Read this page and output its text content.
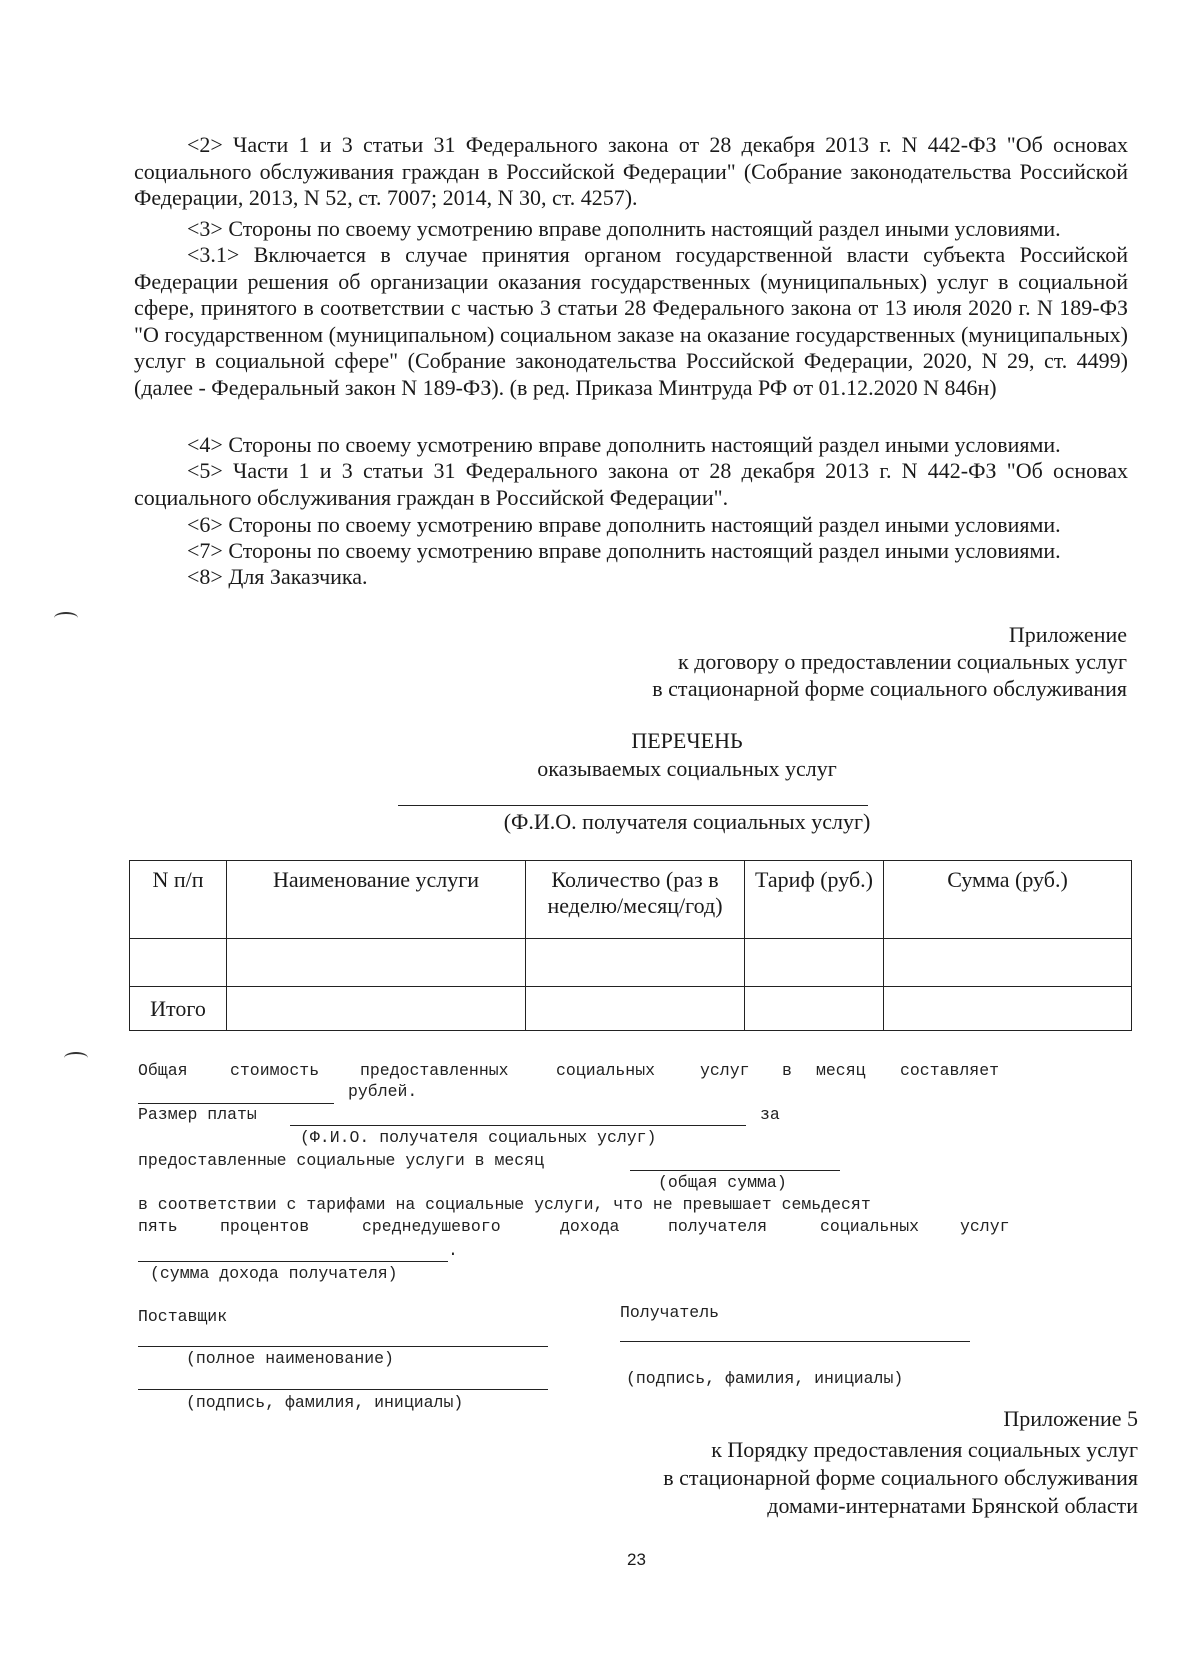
<2> Части 1 и 3 статьи 31 Федерального закона от 28 декабря 2013 г. N 442-ФЗ "Об основах социального обслуживания граждан в Российской Федерации" (Собрание законодательства Российской Федерации, 2013, N 52, ст. 7007; 2014, N 30, ст. 4257).
<3> Стороны по своему усмотрению вправе дополнить настоящий раздел иными условиями.
<3.1> Включается в случае принятия органом государственной власти субъекта Российской Федерации решения об организации оказания государственных (муниципальных) услуг в социальной сфере, принятого в соответствии с частью 3 статьи 28 Федерального закона от 13 июля 2020 г. N 189-ФЗ "О государственном (муниципальном) социальном заказе на оказание государственных (муниципальных) услуг в социальной сфере" (Собрание законодательства Российской Федерации, 2020, N 29, ст. 4499) (далее - Федеральный закон N 189-ФЗ). (в ред. Приказа Минтруда РФ от 01.12.2020 N 846н)
<4> Стороны по своему усмотрению вправе дополнить настоящий раздел иными условиями.
<5> Части 1 и 3 статьи 31 Федерального закона от 28 декабря 2013 г. N 442-ФЗ "Об основах социального обслуживания граждан в Российской Федерации".
<6> Стороны по своему усмотрению вправе дополнить настоящий раздел иными условиями.
<7> Стороны по своему усмотрению вправе дополнить настоящий раздел иными условиями.
<8> Для Заказчика.
Приложение
к договору о предоставлении социальных услуг
в стационарной форме социального обслуживания
ПЕРЕЧЕНЬ
оказываемых социальных услуг
(Ф.И.О. получателя социальных услуг)
N п/п	Наименование услуги	Количество (раз в неделю/месяц/год)	Тариф (руб.)	Сумма (руб.)

Итого				
Общая	стоимость предоставленных	социальных	услуг в месяц составляет
рублей.
Размер платы	за
(Ф.И.О. получателя социальных услуг)
предоставленные социальные услуги в месяц
(общая сумма)
в соответствии с тарифами на социальные услуги, что не превышает семьдесят
пять	процентов	среднедушевого	дохода	получателя	социальных услуг
.
(сумма дохода получателя)
Поставщик
(полное наименование)
(подпись, фамилия, инициалы)
Получатель
(подпись, фамилия, инициалы)
Приложение 5
к Порядку предоставления социальных услуг
в стационарной форме социального обслуживания
домами-интернатами Брянской области
23
